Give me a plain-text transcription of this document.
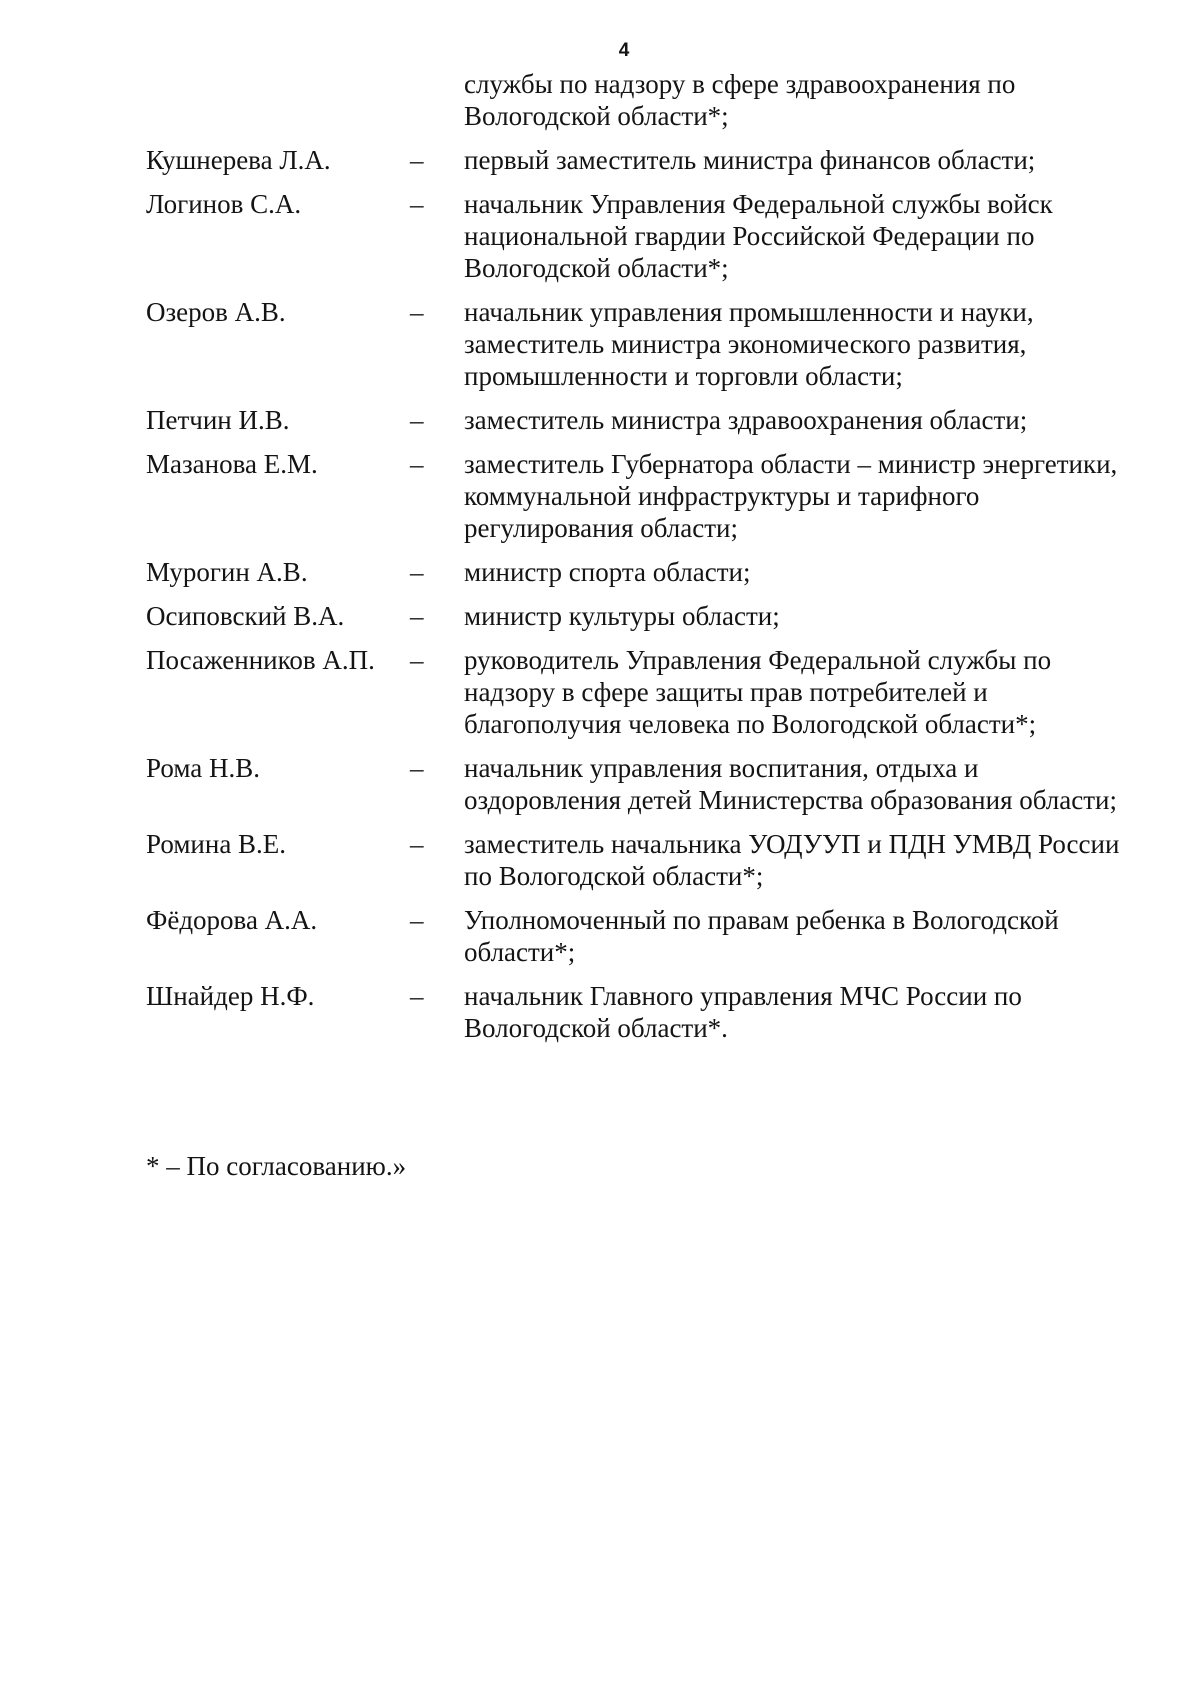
4
службы по надзору в сфере здравоохранения по Вологодской области*;
Кушнерева Л.А.	–	первый заместитель министра финансов области;
Логинов С.А.	–	начальник Управления Федеральной службы войск национальной гвардии Российской Федерации по Вологодской области*;
Озеров А.В.	–	начальник управления промышленности и науки, заместитель министра экономического развития, промышленности и торговли области;
Петчин И.В.	–	заместитель министра здравоохранения области;
Мазанова Е.М.	–	заместитель Губернатора области – министр энергетики, коммунальной инфраструктуры и тарифного регулирования области;
Мурогин А.В.	–	министр спорта области;
Осиповский В.А.	–	министр культуры области;
Посаженников А.П.	–	руководитель Управления Федеральной службы по надзору в сфере защиты прав потребителей и благополучия человека по Вологодской области*;
Рома Н.В.	–	начальник управления воспитания, отдыха и оздоровления детей Министерства образования области;
Ромина В.Е.	–	заместитель начальника УОДУУП и ПДН УМВД России по Вологодской области*;
Фёдорова А.А.	–	Уполномоченный по правам ребенка в Вологодской области*;
Шнайдер Н.Ф.	–	начальник Главного управления МЧС России по Вологодской области*.
* – По согласованию.»
